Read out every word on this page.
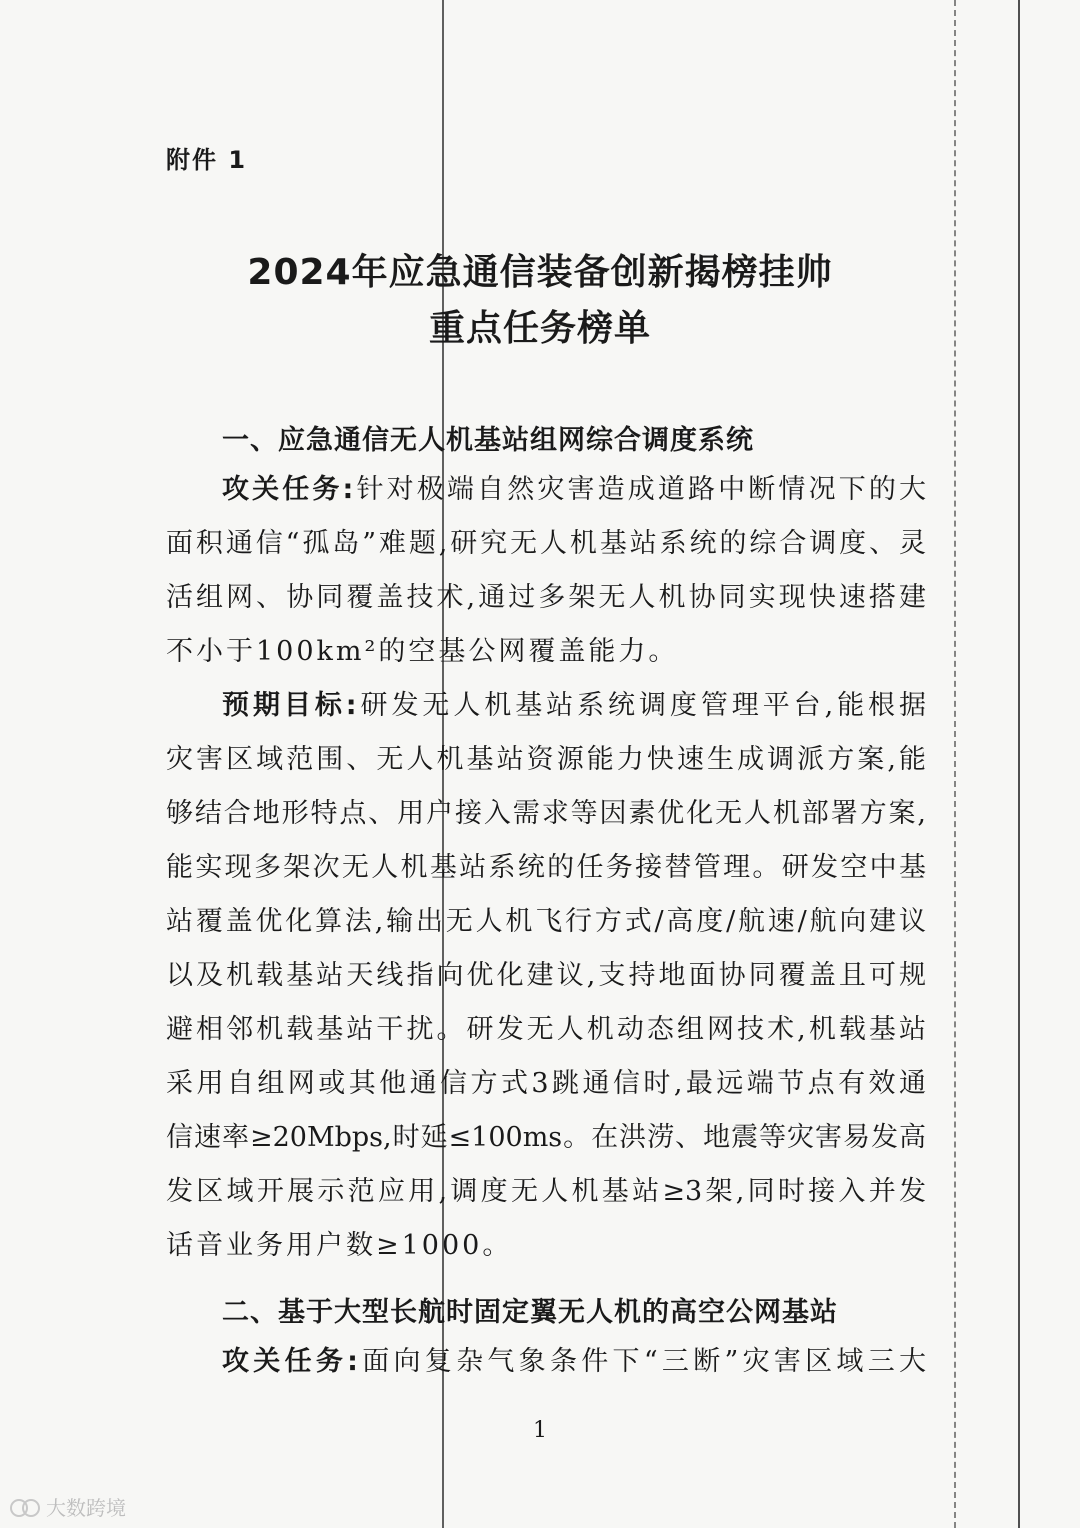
附件 1
2024年应急通信装备创新揭榜挂帅
重点任务榜单
一、应急通信无人机基站组网综合调度系统
攻关任务:针对极端自然灾害造成道路中断情况下的大
面积通信“孤岛”难题,研究无人机基站系统的综合调度、灵
活组网、协同覆盖技术,通过多架无人机协同实现快速搭建
不小于100km²的空基公网覆盖能力。
预期目标:研发无人机基站系统调度管理平台,能根据
灾害区域范围、无人机基站资源能力快速生成调派方案,能
够结合地形特点、用户接入需求等因素优化无人机部署方案,
能实现多架次无人机基站系统的任务接替管理。研发空中基
站覆盖优化算法,输出无人机飞行方式/高度/航速/航向建议
以及机载基站天线指向优化建议,支持地面协同覆盖且可规
避相邻机载基站干扰。研发无人机动态组网技术,机载基站
采用自组网或其他通信方式3跳通信时,最远端节点有效通
信速率≥20Mbps,时延≤100ms。在洪涝、地震等灾害易发高
发区域开展示范应用,调度无人机基站≥3架,同时接入并发
话音业务用户数≥1000。
二、基于大型长航时固定翼无人机的高空公网基站
攻关任务:面向复杂气象条件下“三断”灾害区域三大
1
大数跨境
